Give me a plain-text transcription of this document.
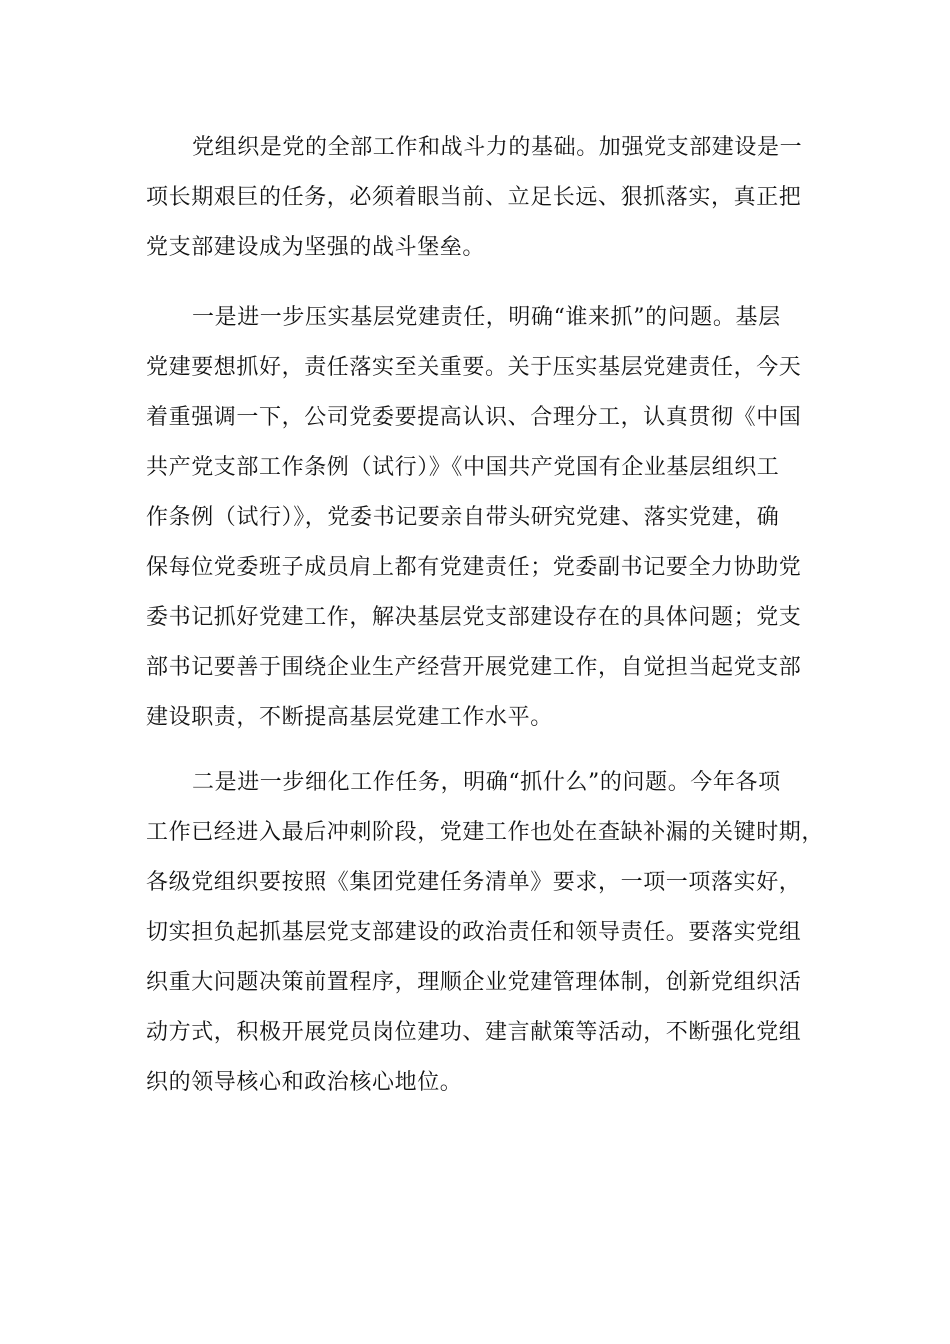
党组织是党的全部工作和战斗力的基础。加强党支部建设是一
项长期艰巨的任务，必须着眼当前、立足长远、狠抓落实，真正把
党支部建设成为坚强的战斗堡垒。
一是进一步压实基层党建责任，明确“谁来抓”的问题。基层
党建要想抓好，责任落实至关重要。关于压实基层党建责任，今天
着重强调一下，公司党委要提高认识、合理分工，认真贯彻《中国
共产党支部工作条例（试行）》《中国共产党国有企业基层组织工
作条例（试行）》，党委书记要亲自带头研究党建、落实党建，确
保每位党委班子成员肩上都有党建责任；党委副书记要全力协助党
委书记抓好党建工作，解决基层党支部建设存在的具体问题；党支
部书记要善于围绕企业生产经营开展党建工作，自觉担当起党支部
建设职责，不断提高基层党建工作水平。
二是进一步细化工作任务，明确“抓什么”的问题。今年各项
工作已经进入最后冲刺阶段，党建工作也处在查缺补漏的关键时期，
各级党组织要按照《集团党建任务清单》要求，一项一项落实好，
切实担负起抓基层党支部建设的政治责任和领导责任。要落实党组
织重大问题决策前置程序，理顺企业党建管理体制，创新党组织活
动方式，积极开展党员岗位建功、建言献策等活动，不断强化党组
织的领导核心和政治核心地位。
